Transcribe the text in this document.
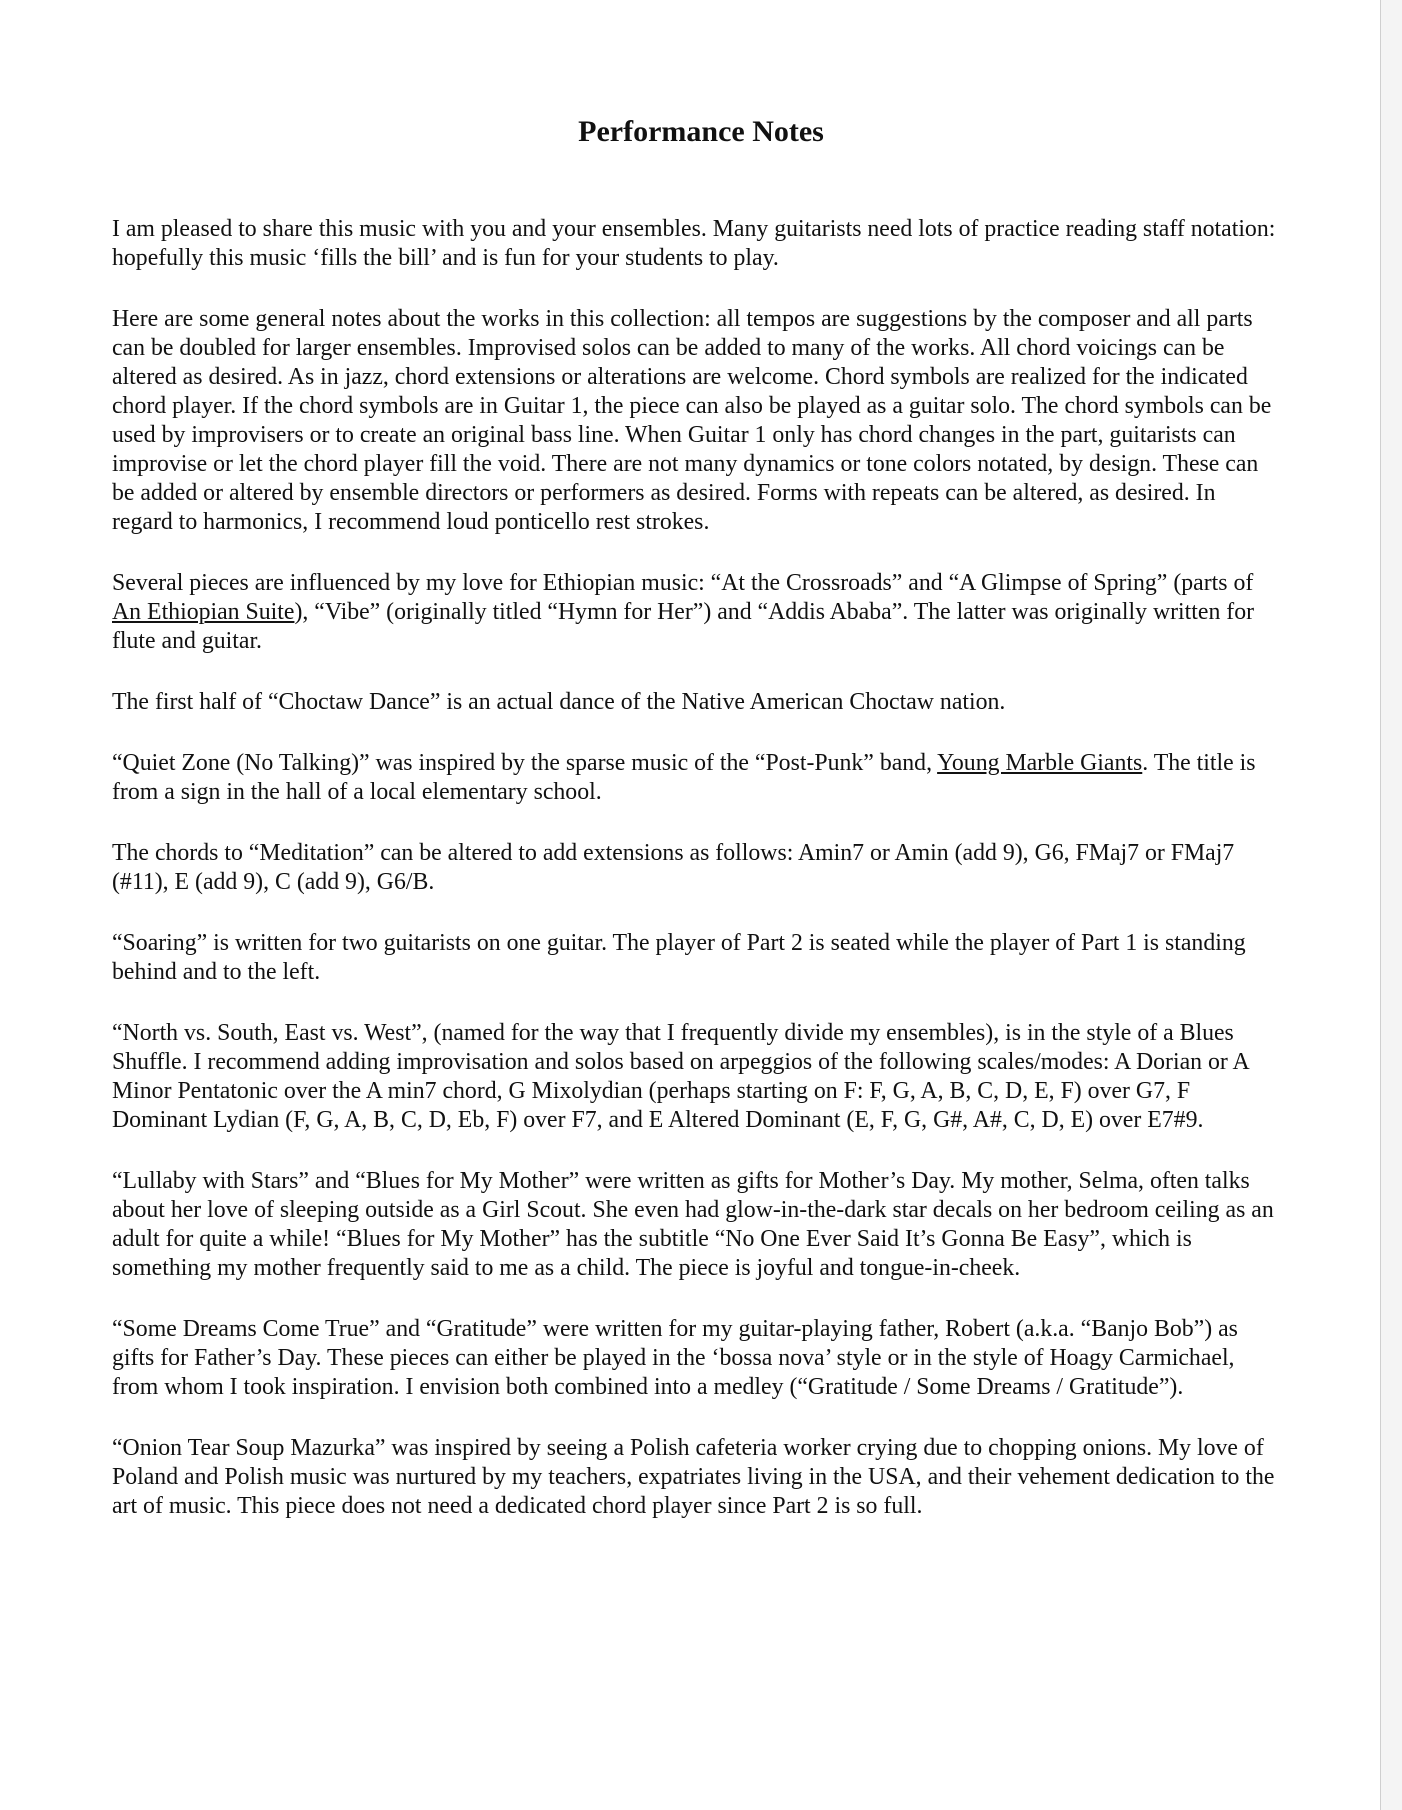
Performance Notes

I am pleased to share this music with you and your ensembles. Many guitarists need lots of practice reading staff notation: hopefully this music ‘fills the bill’ and is fun for your students to play.

Here are some general notes about the works in this collection: all tempos are suggestions by the composer and all parts can be doubled for larger ensembles. Improvised solos can be added to many of the works. All chord voicings can be altered as desired. As in jazz, chord extensions or alterations are welcome. Chord symbols are realized for the indicated chord player. If the chord symbols are in Guitar 1, the piece can also be played as a guitar solo. The chord symbols can be used by improvisers or to create an original bass line. When Guitar 1 only has chord changes in the part, guitarists can improvise or let the chord player fill the void. There are not many dynamics or tone colors notated, by design. These can be added or altered by ensemble directors or performers as desired. Forms with repeats can be altered, as desired. In regard to harmonics, I recommend loud ponticello rest strokes.

Several pieces are influenced by my love for Ethiopian music: “At the Crossroads” and “A Glimpse of Spring” (parts of An Ethiopian Suite), “Vibe” (originally titled “Hymn for Her”) and “Addis Ababa”. The latter was originally written for flute and guitar.

The first half of “Choctaw Dance” is an actual dance of the Native American Choctaw nation.

“Quiet Zone (No Talking)” was inspired by the sparse music of the “Post-Punk” band, Young Marble Giants. The title is from a sign in the hall of a local elementary school.

The chords to “Meditation” can be altered to add extensions as follows: Amin7 or Amin (add 9), G6, FMaj7 or FMaj7 (#11), E (add 9), C (add 9), G6/B.

“Soaring” is written for two guitarists on one guitar. The player of Part 2 is seated while the player of Part 1 is standing behind and to the left.

“North vs. South, East vs. West”, (named for the way that I frequently divide my ensembles), is in the style of a Blues Shuffle. I recommend adding improvisation and solos based on arpeggios of the following scales/modes: A Dorian or A Minor Pentatonic over the A min7 chord, G Mixolydian (perhaps starting on F: F, G, A, B, C, D, E, F) over G7, F Dominant Lydian (F, G, A, B, C, D, Eb, F) over F7, and E Altered Dominant (E, F, G, G#, A#, C, D, E) over E7#9.

“Lullaby with Stars” and “Blues for My Mother” were written as gifts for Mother’s Day. My mother, Selma, often talks about her love of sleeping outside as a Girl Scout. She even had glow-in-the-dark star decals on her bedroom ceiling as an adult for quite a while! “Blues for My Mother” has the subtitle “No One Ever Said It’s Gonna Be Easy”, which is something my mother frequently said to me as a child. The piece is joyful and tongue-in-cheek.

“Some Dreams Come True” and “Gratitude” were written for my guitar-playing father, Robert (a.k.a. “Banjo Bob”) as gifts for Father’s Day. These pieces can either be played in the ‘bossa nova’ style or in the style of Hoagy Carmichael, from whom I took inspiration. I envision both combined into a medley (“Gratitude / Some Dreams / Gratitude”).

“Onion Tear Soup Mazurka” was inspired by seeing a Polish cafeteria worker crying due to chopping onions. My love of Poland and Polish music was nurtured by my teachers, expatriates living in the USA, and their vehement dedication to the art of music. This piece does not need a dedicated chord player since Part 2 is so full.
